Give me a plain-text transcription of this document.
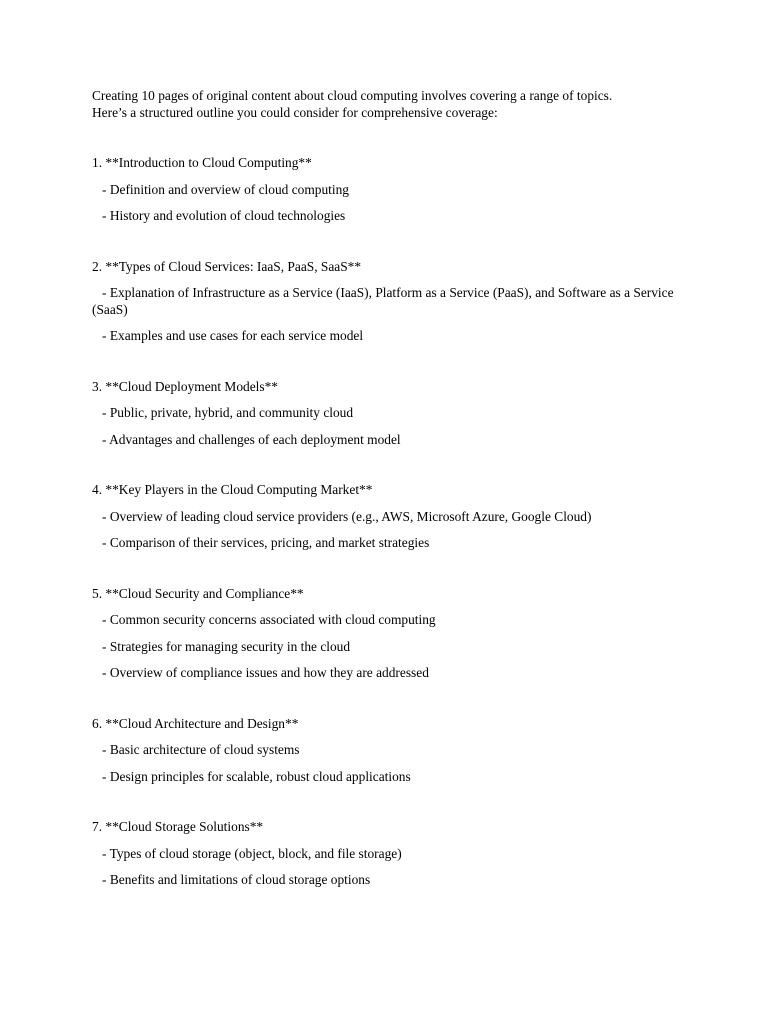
Creating 10 pages of original content about cloud computing involves covering a range of topics.
Here’s a structured outline you could consider for comprehensive coverage:

1. **Introduction to Cloud Computing**

- Definition and overview of cloud computing

- History and evolution of cloud technologies

2. **Types of Cloud Services: IaaS, PaaS, SaaS**

- Explanation of Infrastructure as a Service (IaaS), Platform as a Service (PaaS), and Software as a Service (SaaS)

- Examples and use cases for each service model

3. **Cloud Deployment Models**

- Public, private, hybrid, and community cloud

- Advantages and challenges of each deployment model

4. **Key Players in the Cloud Computing Market**

- Overview of leading cloud service providers (e.g., AWS, Microsoft Azure, Google Cloud)

- Comparison of their services, pricing, and market strategies

5. **Cloud Security and Compliance**

- Common security concerns associated with cloud computing

- Strategies for managing security in the cloud

- Overview of compliance issues and how they are addressed

6. **Cloud Architecture and Design**

- Basic architecture of cloud systems

- Design principles for scalable, robust cloud applications

7. **Cloud Storage Solutions**

- Types of cloud storage (object, block, and file storage)

- Benefits and limitations of cloud storage options
